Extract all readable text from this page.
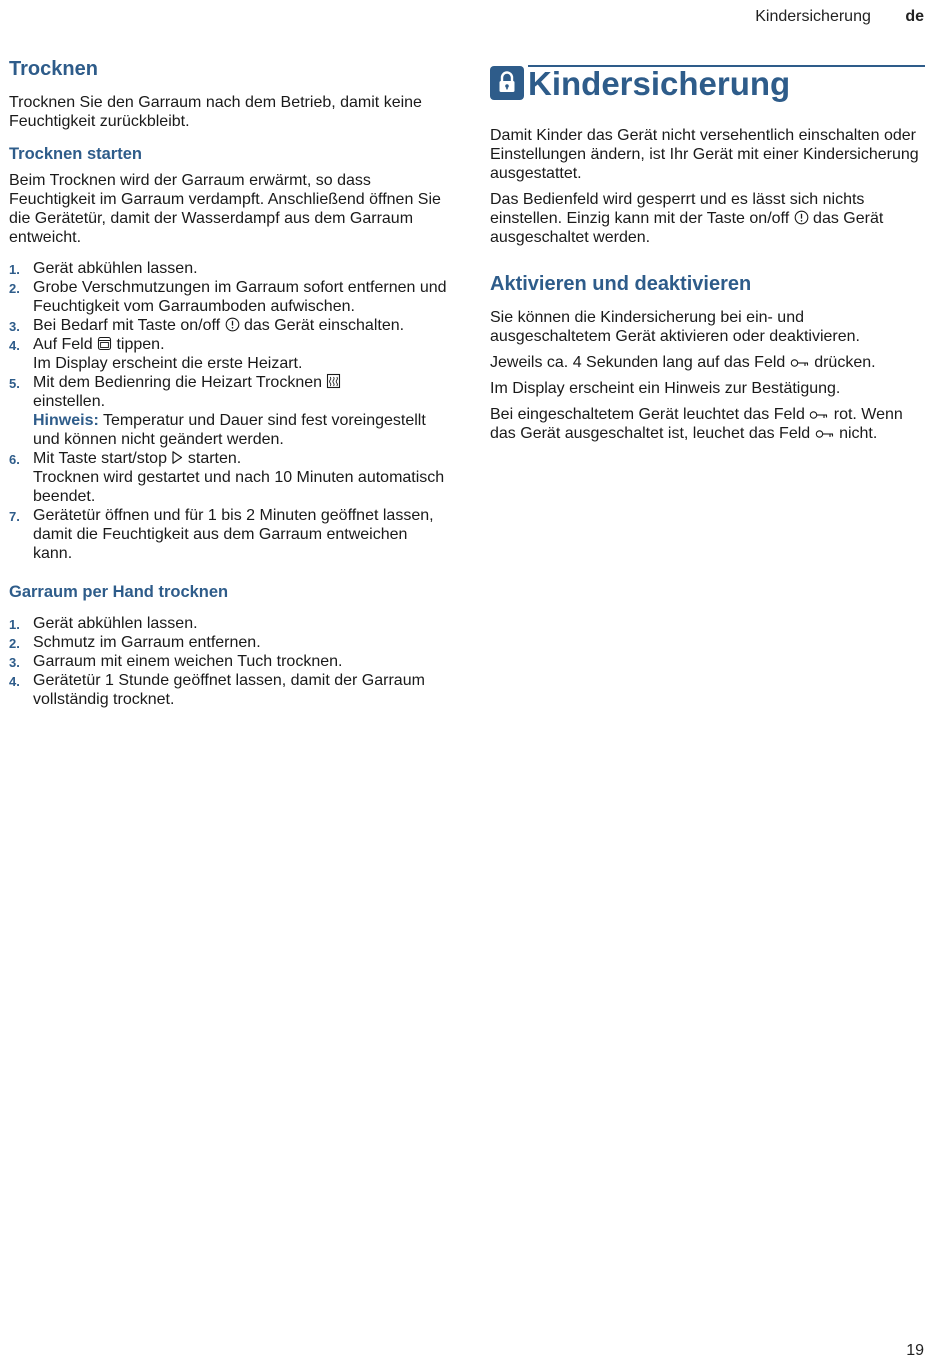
Kindersicherung de
Trocknen

Trocknen Sie den Garraum nach dem Betrieb, damit keine Feuchtigkeit zurückbleibt.

Trocknen starten

Beim Trocknen wird der Garraum erwärmt, so dass Feuchtigkeit im Garraum verdampft. Anschließend öffnen Sie die Gerätetür, damit der Wasserdampf aus dem Garraum entweicht.

1. Gerät abkühlen lassen.
2. Grobe Verschmutzungen im Garraum sofort entfernen und Feuchtigkeit vom Garraumboden aufwischen.
3. Bei Bedarf mit Taste on/off
das Gerät einschalten.
4. Auf Feld
tippen.
Im Display erscheint die erste Heizart.
5. Mit dem Bedienring die Heizart Trocknen

einstellen.
Hinweis: Temperatur und Dauer sind fest voreingestellt und können nicht geändert werden.
6. Mit Taste start/stop
starten.
Trocknen wird gestartet und nach 10 Minuten automatisch beendet.
7. Gerätetür öffnen und für 1 bis 2 Minuten geöffnet lassen, damit die Feuchtigkeit aus dem Garraum entweichen kann.
Garraum per Hand trocknen
1. Gerät abkühlen lassen.
2. Schmutz im Garraum entfernen.
3. Garraum mit einem weichen Tuch trocknen.
4. Gerätetür 1 Stunde geöffnet lassen, damit der Garraum vollständig trocknet.
Kindersicherung

Damit Kinder das Gerät nicht versehentlich einschalten oder Einstellungen ändern, ist Ihr Gerät mit einer Kindersicherung ausgestattet.

Das Bedienfeld wird gesperrt und es lässt sich nichts einstellen. Einzig kann mit der Taste on/off
das Gerät ausgeschaltet werden.

Aktivieren und deaktivieren

Sie können die Kindersicherung bei ein- und ausgeschaltetem Gerät aktivieren oder deaktivieren.

Jeweils ca. 4 Sekunden lang auf das Feld
drücken.

Im Display erscheint ein Hinweis zur Bestätigung.

Bei eingeschaltetem Gerät leuchtet das Feld
rot. Wenn das Gerät ausgeschaltet ist, leuchet das Feld
nicht.

19
